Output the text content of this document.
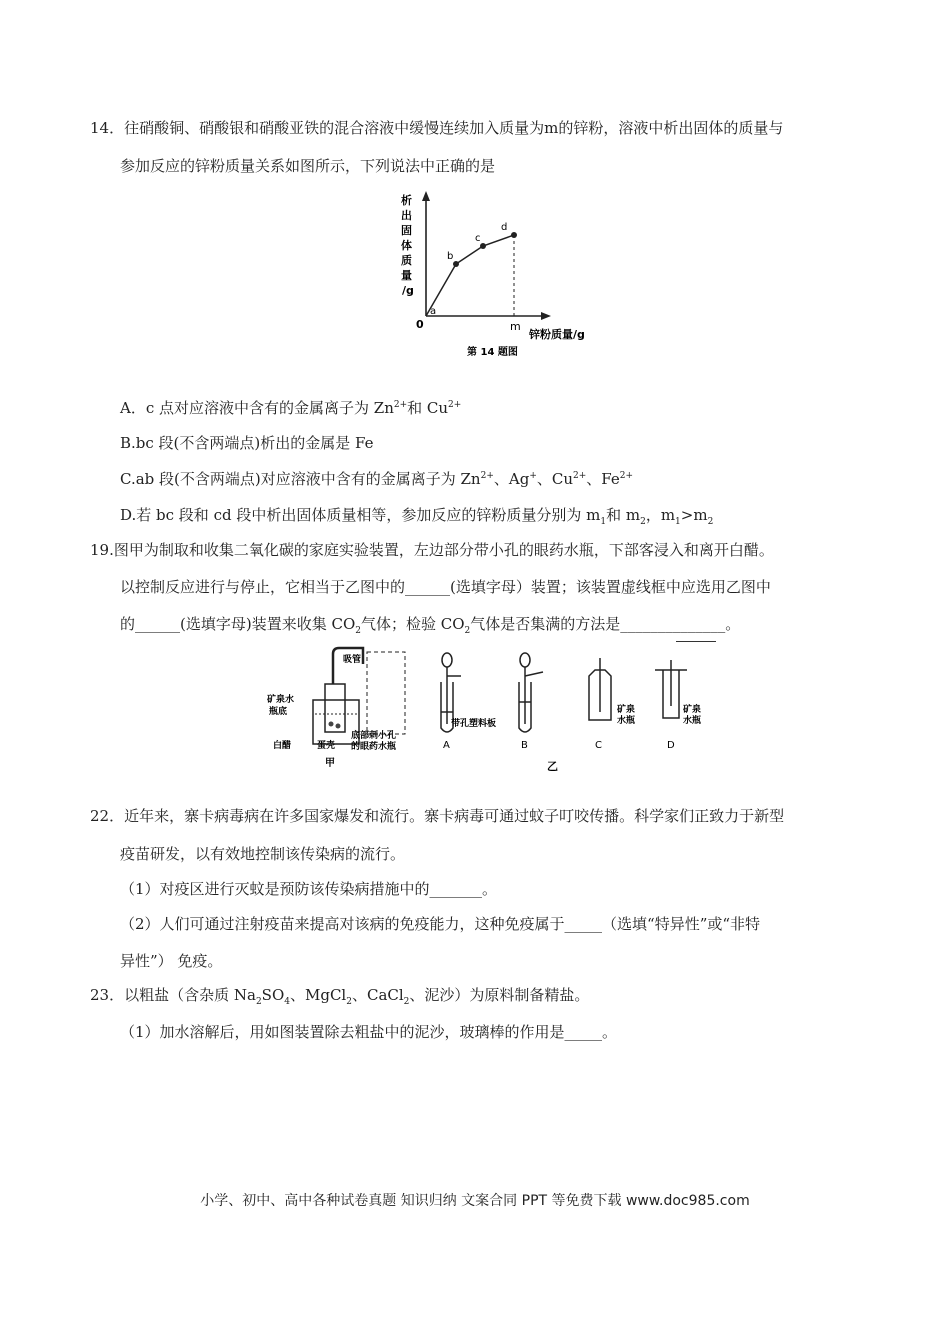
14．往硝酸铜、硝酸银和硝酸亚铁的混合溶液中缓慢连续加入质量为m的锌粉，溶液中析出固体的质量与
参加反应的锌粉质量关系如图所示，下列说法中正确的是
析
出
固
体
质
量
/g
a
b
c
d
0	m
锌粉质量/g
第 14 题图
A．c 点对应溶液中含有的金属离子为 $Zn^{2+}$和 $Cu^{2+}$
B.bc 段(不含两端点)析出的金属是 Fe
C.ab 段(不含两端点)对应溶液中含有的金属离子为 $Zn^{2+}$、Ag+、$Cu^{2+}$、$Fe^{2+}$
D.若 bc 段和 cd 段中析出固体质量相等，参加反应的锌粉质量分别为 $m_1$和 $m_2$，$m_1>m_2$
19.图甲为制取和收集二氧化碳的家庭实验装置，左边部分带小孔的眼药水瓶，下部客浸入和离开白醋。
以控制反应进行与停止，它相当于乙图中的______(选填字母）装置；该装置虚线框中应选用乙图中
的______(选填字母)装置来收集 $CO_2$气体；检验 $CO_2$气体是否集满的方法是______________。
吸管
矿泉水
瓶底
白醋	蛋壳
底部刺小孔
的眼药水瓶
甲
A	B
带孔塑料板
矿泉
水瓶
C
矿泉
水瓶
D
乙
22．近年来，寨卡病毒病在许多国家爆发和流行。寨卡病毒可通过蚊子叮咬传播。科学家们正致力于新型
疫苗研发，以有效地控制该传染病的流行。
（1）对疫区进行灭蚊是预防该传染病措施中的_______。
（2）人们可通过注射疫苗来提高对该病的免疫能力，这种免疫属于_____（选填“特异性”或“非特
异性”） 免疫。
23．以粗盐（含杂质 $Na_2SO_4$、MgCl$_2$、CaCl$_2$、泥沙）为原料制备精盐。
（1）加水溶解后，用如图装置除去粗盐中的泥沙，玻璃棒的作用是_____。
小学、初中、高中各种试卷真题 知识归纳 文案合同 PPT 等免费下载 www.doc985.com
